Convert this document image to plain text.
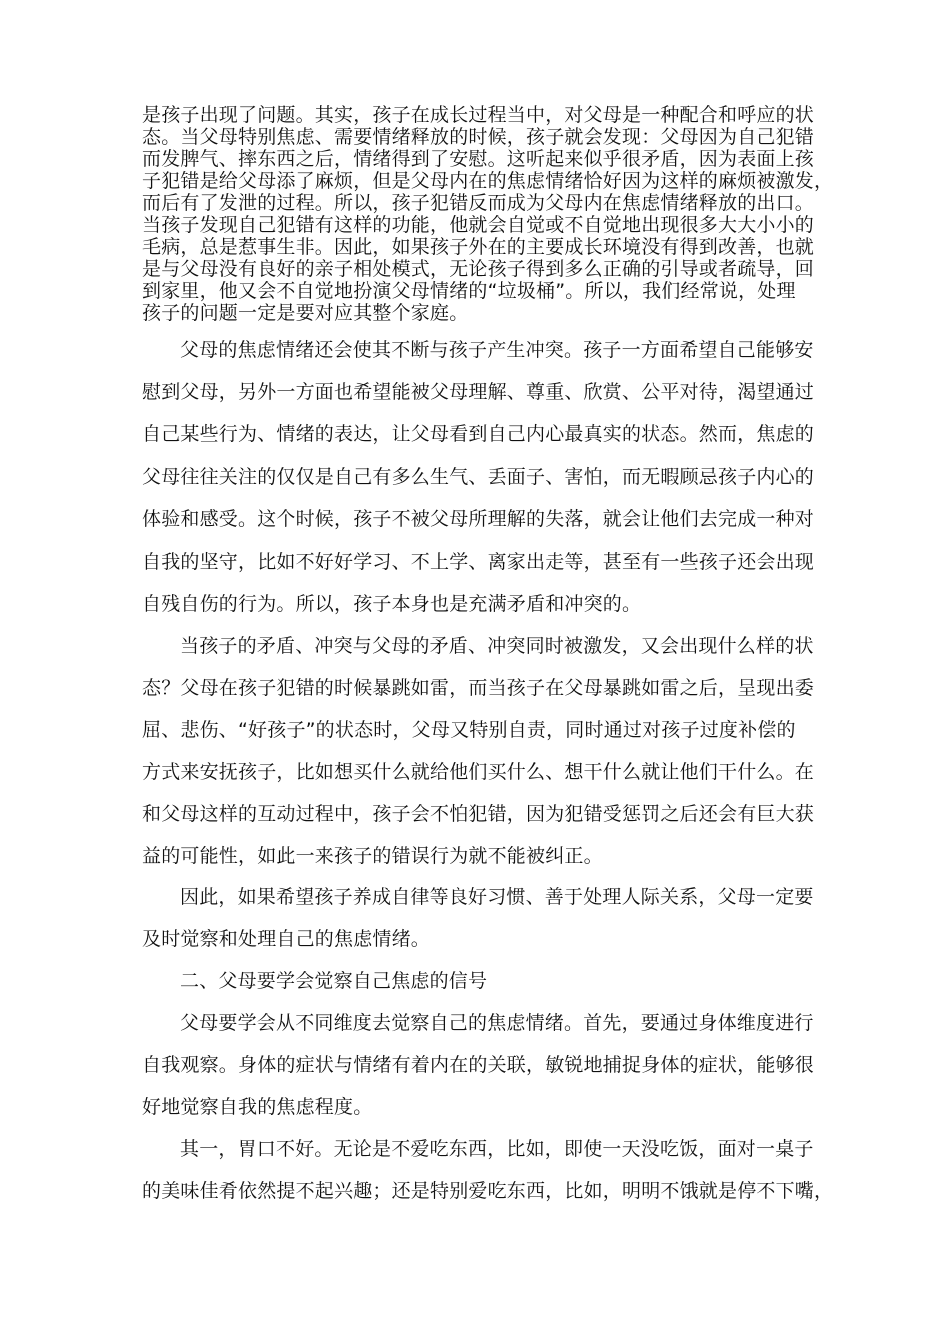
是孩子出现了问题。其实，孩子在成长过程当中，对父母是一种配合和呼应的状
态。当父母特别焦虑、需要情绪释放的时候，孩子就会发现：父母因为自己犯错
而发脾气、摔东西之后，情绪得到了安慰。这听起来似乎很矛盾，因为表面上孩
子犯错是给父母添了麻烦，但是父母内在的焦虑情绪恰好因为这样的麻烦被激发，
而后有了发泄的过程。所以，孩子犯错反而成为父母内在焦虑情绪释放的出口。
当孩子发现自己犯错有这样的功能，他就会自觉或不自觉地出现很多大大小小的
毛病，总是惹事生非。因此，如果孩子外在的主要成长环境没有得到改善，也就
是与父母没有良好的亲子相处模式，无论孩子得到多么正确的引导或者疏导，回
到家里，他又会不自觉地扮演父母情绪的“垃圾桶”。所以，我们经常说，处理
孩子的问题一定是要对应其整个家庭。
父母的焦虑情绪还会使其不断与孩子产生冲突。孩子一方面希望自己能够安
慰到父母，另外一方面也希望能被父母理解、尊重、欣赏、公平对待，渴望通过
自己某些行为、情绪的表达，让父母看到自己内心最真实的状态。然而，焦虑的
父母往往关注的仅仅是自己有多么生气、丢面子、害怕，而无暇顾忌孩子内心的
体验和感受。这个时候，孩子不被父母所理解的失落，就会让他们去完成一种对
自我的坚守，比如不好好学习、不上学、离家出走等，甚至有一些孩子还会出现
自残自伤的行为。所以，孩子本身也是充满矛盾和冲突的。
当孩子的矛盾、冲突与父母的矛盾、冲突同时被激发，又会出现什么样的状
态？父母在孩子犯错的时候暴跳如雷，而当孩子在父母暴跳如雷之后，呈现出委
屈、悲伤、“好孩子”的状态时，父母又特别自责，同时通过对孩子过度补偿的
方式来安抚孩子，比如想买什么就给他们买什么、想干什么就让他们干什么。在
和父母这样的互动过程中，孩子会不怕犯错，因为犯错受惩罚之后还会有巨大获
益的可能性，如此一来孩子的错误行为就不能被纠正。
因此，如果希望孩子养成自律等良好习惯、善于处理人际关系，父母一定要
及时觉察和处理自己的焦虑情绪。
二、父母要学会觉察自己焦虑的信号
父母要学会从不同维度去觉察自己的焦虑情绪。首先，要通过身体维度进行
自我观察。身体的症状与情绪有着内在的关联，敏锐地捕捉身体的症状，能够很
好地觉察自我的焦虑程度。
其一，胃口不好。无论是不爱吃东西，比如，即使一天没吃饭，面对一桌子
的美味佳肴依然提不起兴趣；还是特别爱吃东西，比如，明明不饿就是停不下嘴，
